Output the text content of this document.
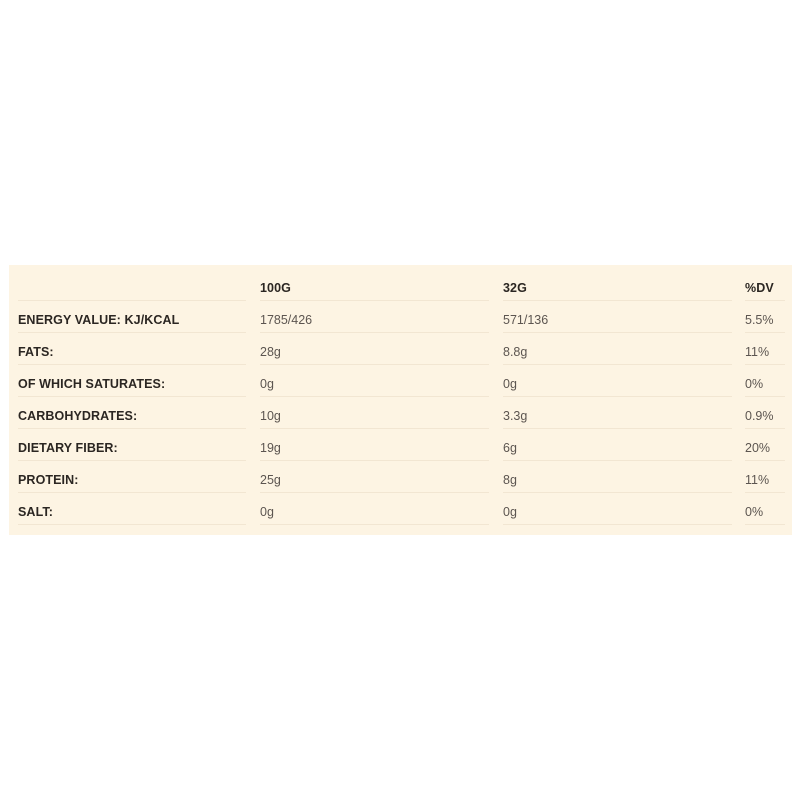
ENERGY VALUE: KJ/KCAL
FATS:
OF WHICH SATURATES:
CARBOHYDRATES:
DIETARY FIBER:
PROTEIN:
SALT:
100G
1785/426
28g
0g
10g
19g
25g
0g
32G
571/136
8.8g
0g
3.3g
6g
8g
0g
%DV
5.5%
11%
0%
0.9%
20%
11%
0%
